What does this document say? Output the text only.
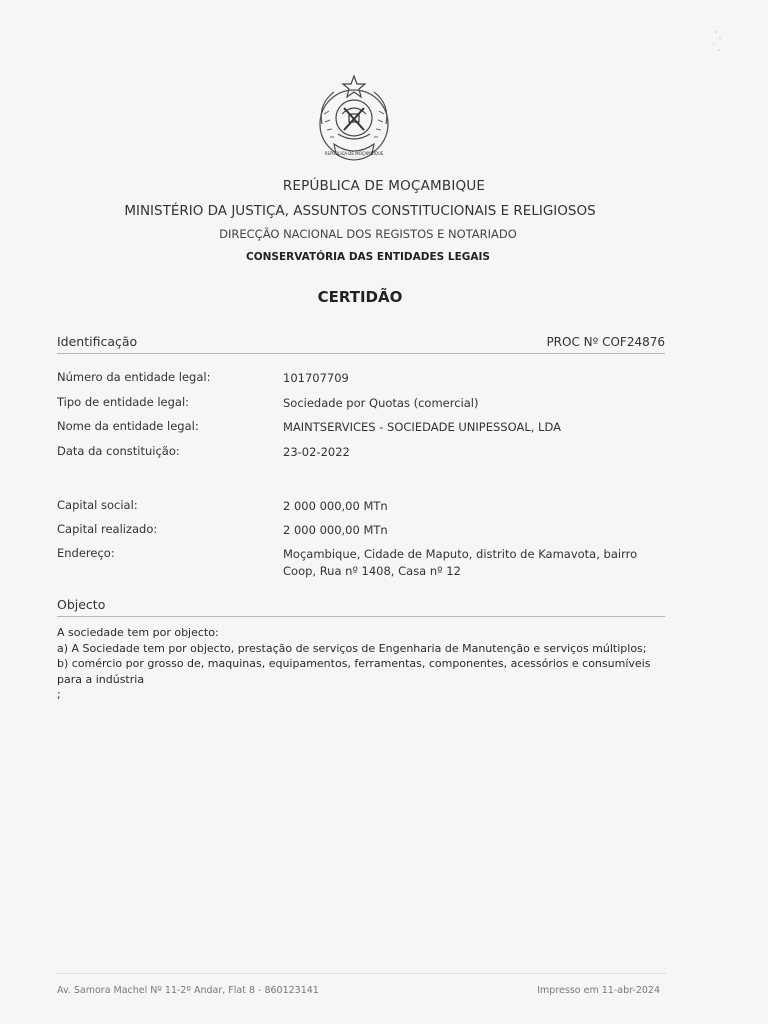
REPÚBLICA DE MOÇAMBIQUE
REPÚBLICA DE MOÇAMBIQUE
MINISTÉRIO DA JUSTIÇA, ASSUNTOS CONSTITUCIONAIS E RELIGIOSOS
DIRECÇÃO NACIONAL DOS REGISTOS E NOTARIADO
CONSERVATÓRIA DAS ENTIDADES LEGAIS
CERTIDÃO
Identificação	PROC Nº COF24876
Número da entidade legal:	101707709
Tipo de entidade legal:	Sociedade por Quotas (comercial)
Nome da entidade legal:	MAINTSERVICES - SOCIEDADE UNIPESSOAL, LDA
Data da constituição:	23-02-2022
Capital social:	2 000 000,00 MTn
Capital realizado:	2 000 000,00 MTn
Endereço:	Moçambique, Cidade de Maputo, distrito de Kamavota, bairro
Coop, Rua nº 1408, Casa nº 12
Objecto
A sociedade tem por objecto:
a) A Sociedade tem por objecto, prestação de serviços de Engenharia de Manutenção e serviços múltiplos;
b) comércio por grosso de, maquinas, equipamentos, ferramentas, componentes, acessórios e consumíveis
para a indústria
;
Av. Samora Machel Nº 11-2º Andar, Flat 8 - 860123141	Impresso em 11-abr-2024
